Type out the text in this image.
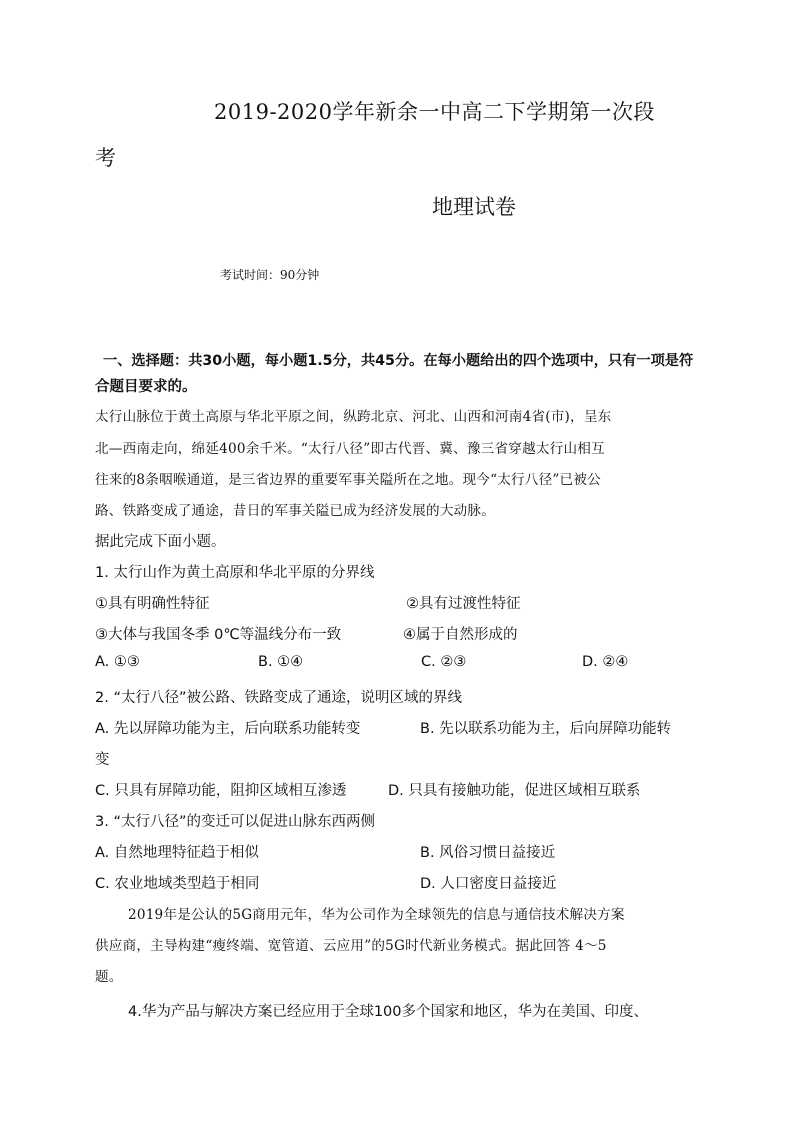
2019-2020学年新余一中高二下学期第一次段
考
地理试卷
考试时间：90分钟
一、选择题：共30小题，每小题1.5分，共45分。在每小题给出的四个选项中，只有一项是符
合题目要求的。
太行山脉位于黄土高原与华北平原之间，纵跨北京、河北、山西和河南4省(市)，呈东
北—西南走向，绵延400余千米。“太行八径”即古代晋、冀、豫三省穿越太行山相互
往来的8条咽喉通道，是三省边界的重要军事关隘所在之地。现今“太行八径”已被公
路、铁路变成了通途，昔日的军事关隘已成为经济发展的大动脉。
据此完成下面小题。
1. 太行山作为黄土高原和华北平原的分界线
①具有明确性特征	②具有过渡性特征
③大体与我国冬季 0℃等温线分布一致	④属于自然形成的
A. ①③	B. ①④	C. ②③	D. ②④
2. “太行八径”被公路、铁路变成了通途，说明区域的界线
A. 先以屏障功能为主，后向联系功能转变	B. 先以联系功能为主，后向屏障功能转
变
C. 只具有屏障功能，阻抑区域相互渗透	D. 只具有接触功能，促进区域相互联系
3. “太行八径”的变迁可以促进山脉东西两侧
A. 自然地理特征趋于相似	B. 风俗习惯日益接近
C. 农业地域类型趋于相同	D. 人口密度日益接近
2019年是公认的5G商用元年，华为公司作为全球领先的信息与通信技术解决方案
供应商，主导构建“瘦终端、宽管道、云应用”的5G时代新业务模式。据此回答 4～5
题。
4.华为产品与解决方案已经应用于全球100多个国家和地区，华为在美国、印度、
